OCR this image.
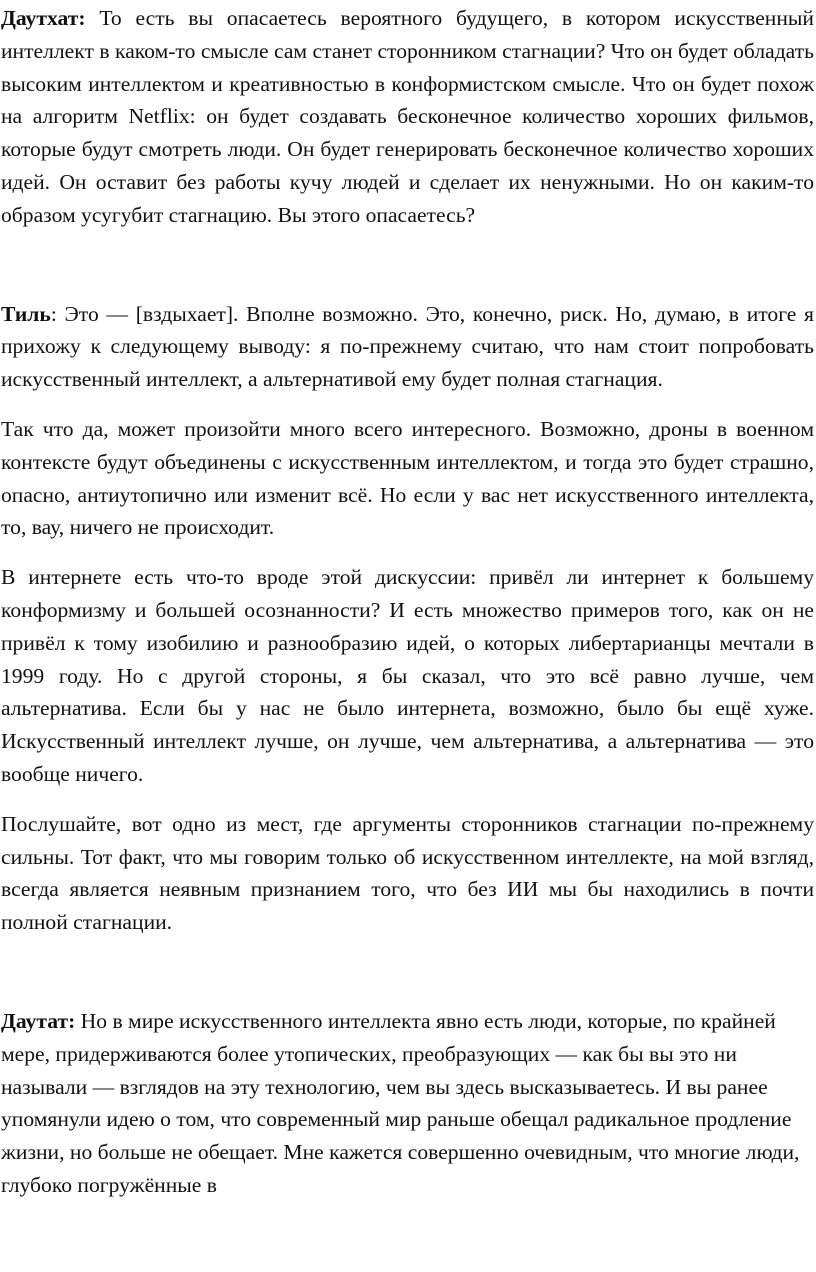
Даутхат: То есть вы опасаетесь вероятного будущего, в котором искусственный интеллект в каком-то смысле сам станет сторонником стагнации? Что он будет обладать высоким интеллектом и креативностью в конформистском смысле. Что он будет похож на алгоритм Netflix: он будет создавать бесконечное количество хороших фильмов, которые будут смотреть люди. Он будет генерировать бесконечное количество хороших идей. Он оставит без работы кучу людей и сделает их ненужными. Но он каким-то образом усугубит стагнацию. Вы этого опасаетесь?

Тиль: Это — [вздыхает]. Вполне возможно. Это, конечно, риск. Но, думаю, в итоге я прихожу к следующему выводу: я по-прежнему считаю, что нам стоит попробовать искусственный интеллект, а альтернативой ему будет полная стагнация.

Так что да, может произойти много всего интересного. Возможно, дроны в военном контексте будут объединены с искусственным интеллектом, и тогда это будет страшно, опасно, антиутопично или изменит всё. Но если у вас нет искусственного интеллекта, то, вау, ничего не происходит.

В интернете есть что-то вроде этой дискуссии: привёл ли интернет к большему конформизму и большей осознанности? И есть множество примеров того, как он не привёл к тому изобилию и разнообразию идей, о которых либертарианцы мечтали в 1999 году. Но с другой стороны, я бы сказал, что это всё равно лучше, чем альтернатива. Если бы у нас не было интернета, возможно, было бы ещё хуже. Искусственный интеллект лучше, он лучше, чем альтернатива, а альтернатива — это вообще ничего.

Послушайте, вот одно из мест, где аргументы сторонников стагнации по-прежнему сильны. Тот факт, что мы говорим только об искусственном интеллекте, на мой взгляд, всегда является неявным признанием того, что без ИИ мы бы находились в почти полной стагнации.

Даутат: Но в мире искусственного интеллекта явно есть люди, которые, по крайней мере, придерживаются более утопических, преобразующих — как бы вы это ни называли — взглядов на эту технологию, чем вы здесь высказываетесь. И вы ранее упомянули идею о том, что современный мир раньше обещал радикальное продление жизни, но больше не обещает. Мне кажется совершенно очевидным, что многие люди, глубоко погружённые в
